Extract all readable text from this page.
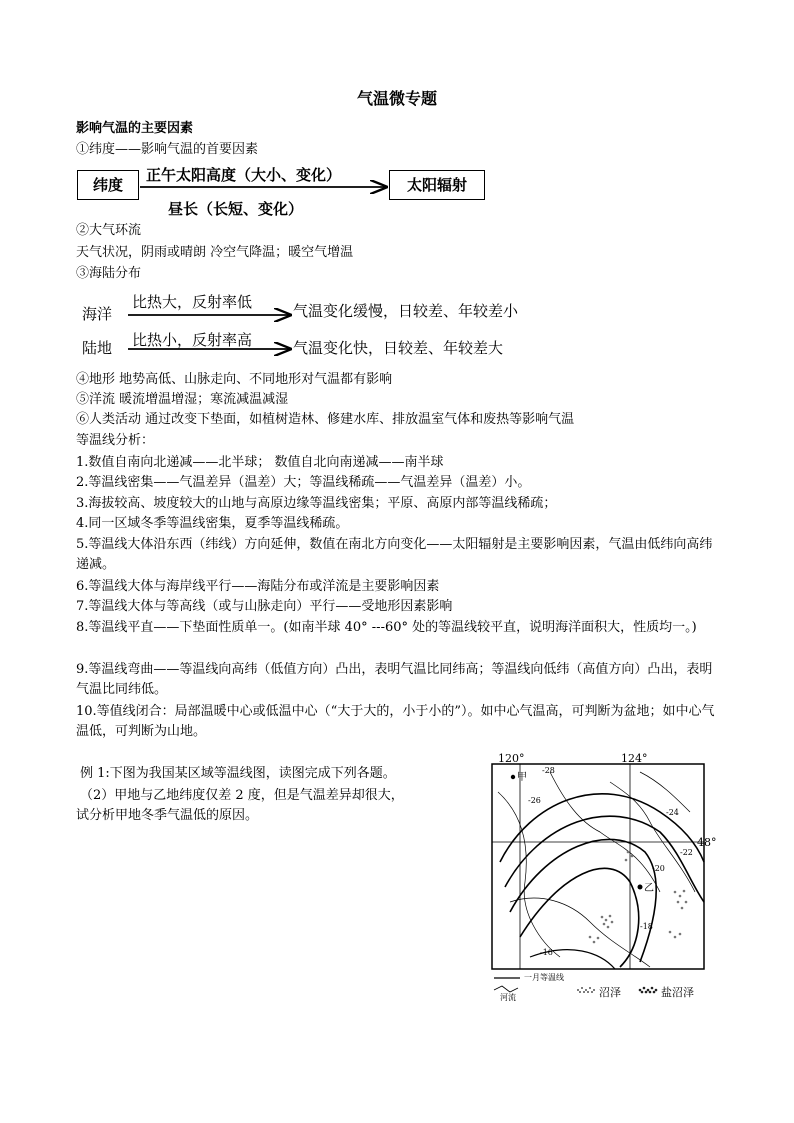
气温微专题
影响气温的主要因素
①纬度——影响气温的首要因素
纬度
正午太阳高度（大小、变化）
昼长（长短、变化）
太阳辐射
②大气环流
天气状况，阴雨或晴朗 冷空气降温；暖空气增温
③海陆分布
海洋
比热大，反射率低	气温变化缓慢，日较差、年较差小
陆地 比热小，反射率高	气温变化快，日较差、年较差大
④地形 地势高低、山脉走向、不同地形对气温都有影响
⑤洋流 暖流增温增湿；寒流减温减湿
⑥人类活动 通过改变下垫面，如植树造林、修建水库、排放温室气体和废热等影响气温
等温线分析：
1.数值自南向北递减——北半球； 数值自北向南递减——南半球
2.等温线密集——气温差异（温差）大；等温线稀疏——气温差异（温差）小。
3.海拔较高、坡度较大的山地与高原边缘等温线密集；平原、高原内部等温线稀疏；
4.同一区域冬季等温线密集，夏季等温线稀疏。
5.等温线大体沿东西（纬线）方向延伸，数值在南北方向变化——太阳辐射是主要影响因素，气温由低纬向高纬递减。
6.等温线大体与海岸线平行——海陆分布或洋流是主要影响因素
7.等温线大体与等高线（或与山脉走向）平行——受地形因素影响
8.等温线平直——下垫面性质单一。(如南半球 40° ---60° 处的等温线较平直，说明海洋面积大，性质均一。)
9.等温线弯曲——等温线向高纬（低值方向）凸出，表明气温比同纬高；等温线向低纬（高值方向）凸出，表明气温比同纬低。
10.等值线闭合：局部温暖中心或低温中心（“大于大的，小于小的”）。如中心气温高，可判断为盆地；如中心气温低，可判断为山地。
例 1:下图为我国某区域等温线图，读图完成下列各题。
（2）甲地与乙地纬度仅差 2 度，但是气温差异却很大，
试分析甲地冬季气温低的原因。
120°	124°
48°
甲
乙
-28
-26
-24
-22
-20
-18
-16
一月等温线
河流	沼泽	盐沼泽
